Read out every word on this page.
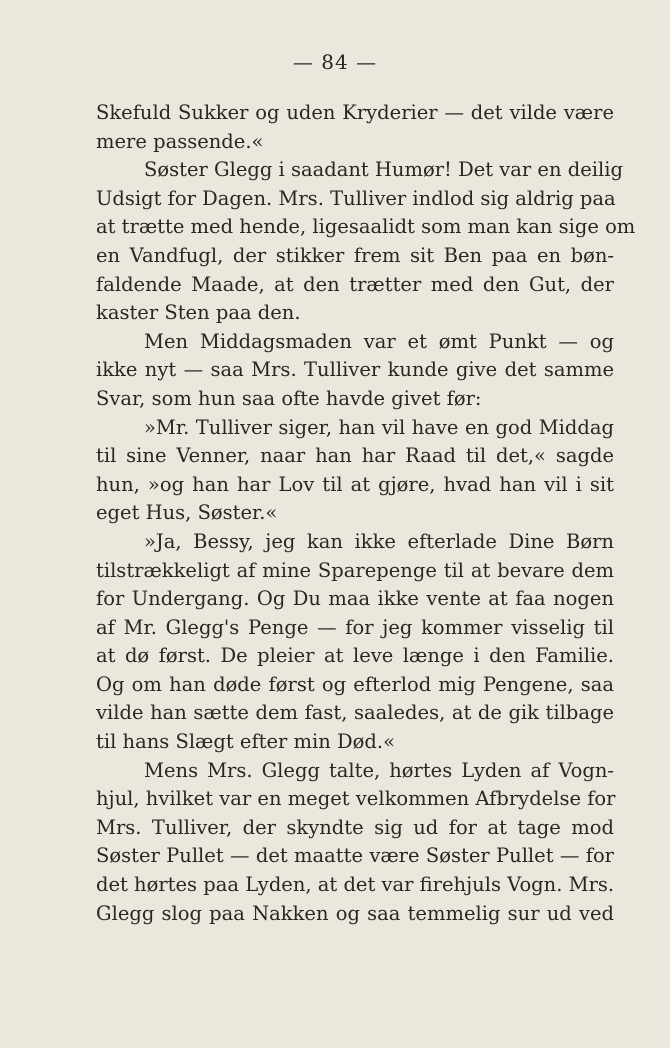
— 84 —
Skefuld Sukker og uden Kryderier — det vilde være
mere passende.«
Søster Glegg i saadant Humør! Det var en deilig
Udsigt for Dagen. Mrs. Tulliver indlod sig aldrig paa
at trætte med hende, ligesaalidt som man kan sige om
en Vandfugl, der stikker frem sit Ben paa en bøn-
faldende Maade, at den trætter med den Gut, der
kaster Sten paa den.
Men Middagsmaden var et ømt Punkt — og
ikke nyt — saa Mrs. Tulliver kunde give det samme
Svar, som hun saa ofte havde givet før:
»Mr. Tulliver siger, han vil have en god Middag
til sine Venner, naar han har Raad til det,« sagde
hun, »og han har Lov til at gjøre, hvad han vil i sit
eget Hus, Søster.«
»Ja, Bessy, jeg kan ikke efterlade Dine Børn
tilstrækkeligt af mine Sparepenge til at bevare dem
for Undergang. Og Du maa ikke vente at faa nogen
af Mr. Glegg's Penge — for jeg kommer visselig til
at dø først. De pleier at leve længe i den Familie.
Og om han døde først og efterlod mig Pengene, saa
vilde han sætte dem fast, saaledes, at de gik tilbage
til hans Slægt efter min Død.«
Mens Mrs. Glegg talte, hørtes Lyden af Vogn-
hjul, hvilket var en meget velkommen Afbrydelse for
Mrs. Tulliver, der skyndte sig ud for at tage mod
Søster Pullet — det maatte være Søster Pullet — for
det hørtes paa Lyden, at det var firehjuls Vogn. Mrs.
Glegg slog paa Nakken og saa temmelig sur ud ved
